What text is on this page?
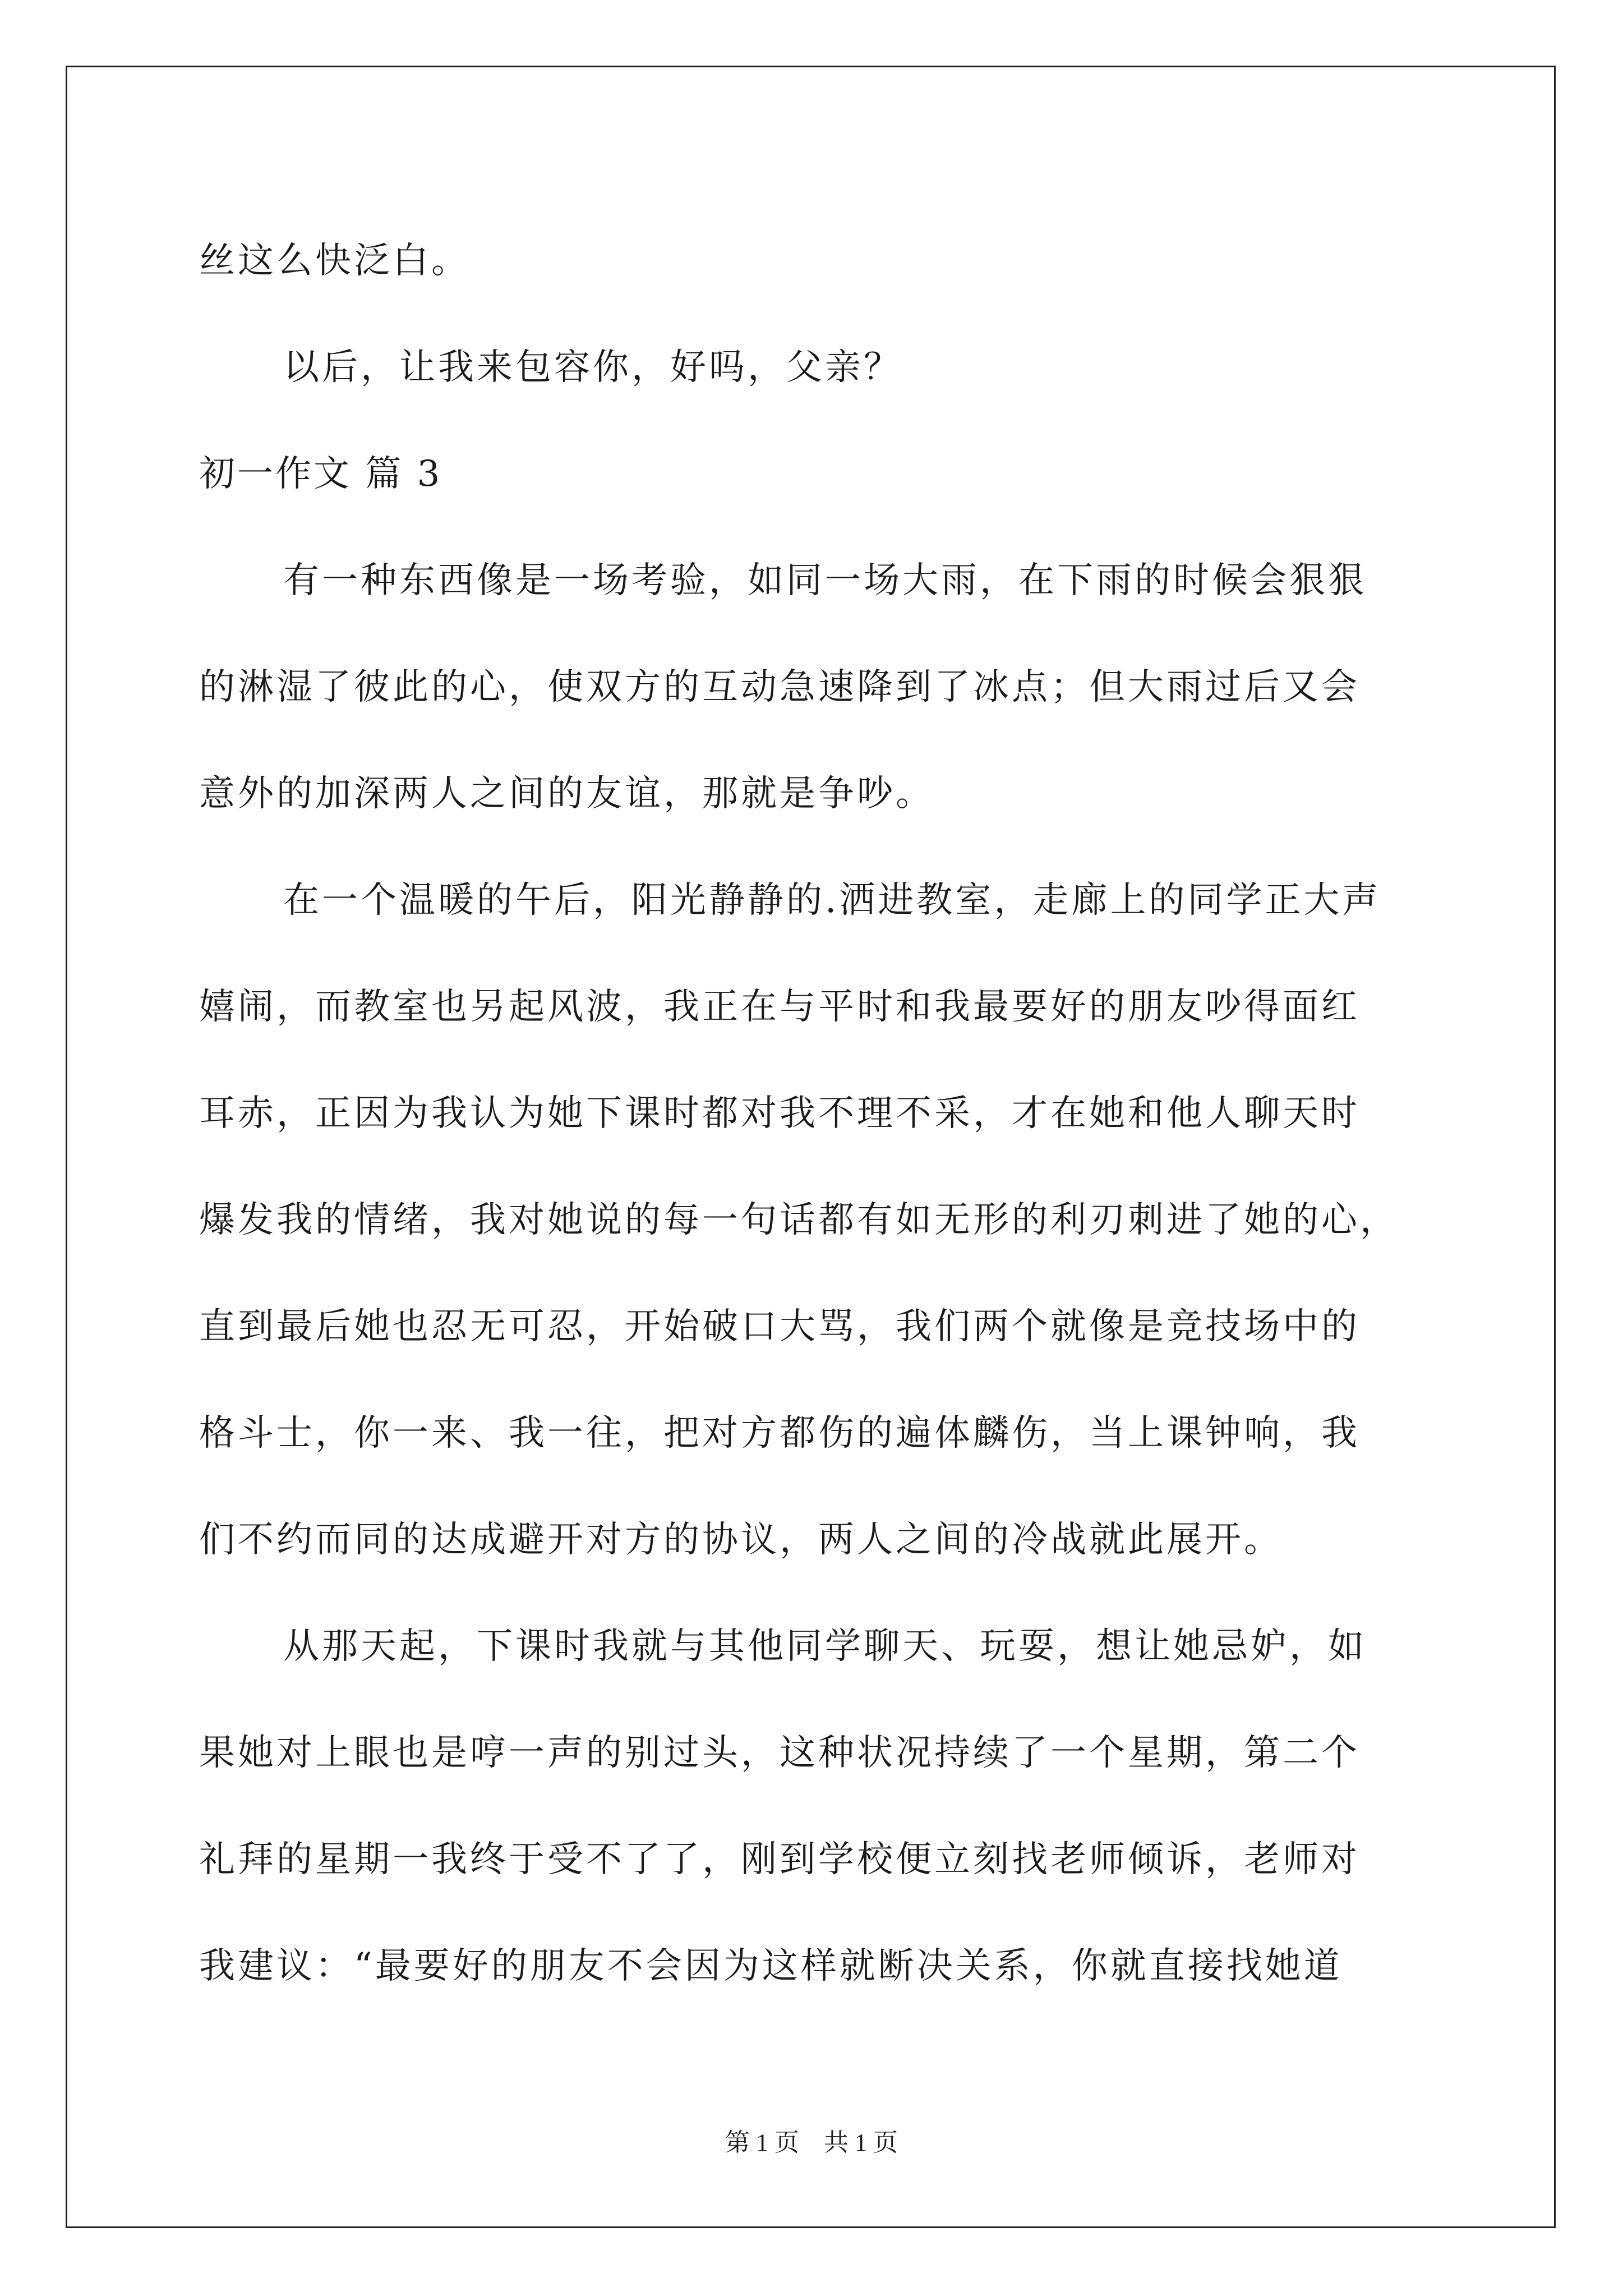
丝这么快泛白。
以后，让我来包容你，好吗，父亲？
初一作文 篇 3
有一种东西像是一场考验，如同一场大雨，在下雨的时候会狠狠
的淋湿了彼此的心，使双方的互动急速降到了冰点；但大雨过后又会
意外的加深两人之间的友谊，那就是争吵。
在一个温暖的午后，阳光静静的.洒进教室，走廊上的同学正大声
嬉闹，而教室也另起风波，我正在与平时和我最要好的朋友吵得面红
耳赤，正因为我认为她下课时都对我不理不采，才在她和他人聊天时
爆发我的情绪，我对她说的每一句话都有如无形的利刃刺进了她的心，
直到最后她也忍无可忍，开始破口大骂，我们两个就像是竞技场中的
格斗士，你一来、我一往，把对方都伤的遍体麟伤，当上课钟响，我
们不约而同的达成避开对方的协议，两人之间的冷战就此展开。
从那天起，下课时我就与其他同学聊天、玩耍，想让她忌妒，如
果她对上眼也是哼一声的别过头，这种状况持续了一个星期，第二个
礼拜的星期一我终于受不了了，刚到学校便立刻找老师倾诉，老师对
我建议：“最要好的朋友不会因为这样就断决关系，你就直接找她道
第 1 页　共 1 页
